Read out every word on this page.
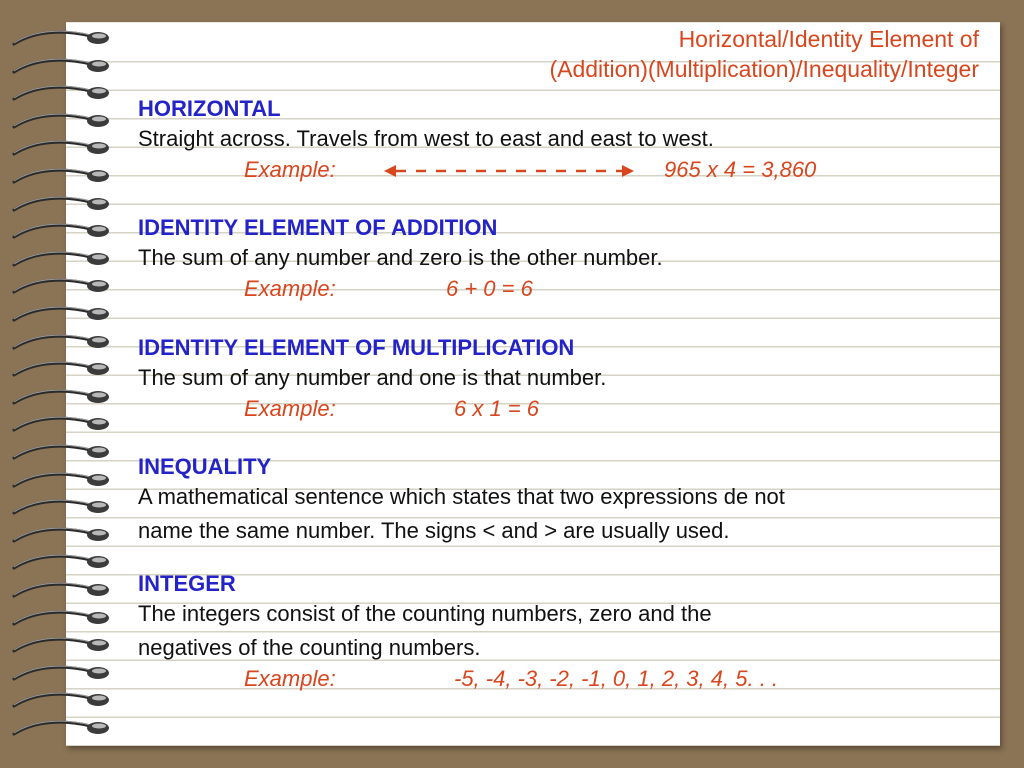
Horizontal/Identity Element of
(Addition)(Multiplication)/Inequality/Integer
HORIZONTAL
Straight across. Travels from west to east and east to west.
Example:	965 x 4 = 3,860
IDENTITY ELEMENT OF ADDITION
The sum of any number and zero is the other number.
Example:	6 + 0 = 6
IDENTITY ELEMENT OF MULTIPLICATION
The sum of any number and one is that number.
Example:	6 x 1 = 6
INEQUALITY
A mathematical sentence which states that two expressions de not
name the same number. The signs < and > are usually used.
INTEGER
The integers consist of the counting numbers, zero and the
negatives of the counting numbers.
Example:	-5, -4, -3, -2, -1, 0, 1, 2, 3, 4, 5. . .
